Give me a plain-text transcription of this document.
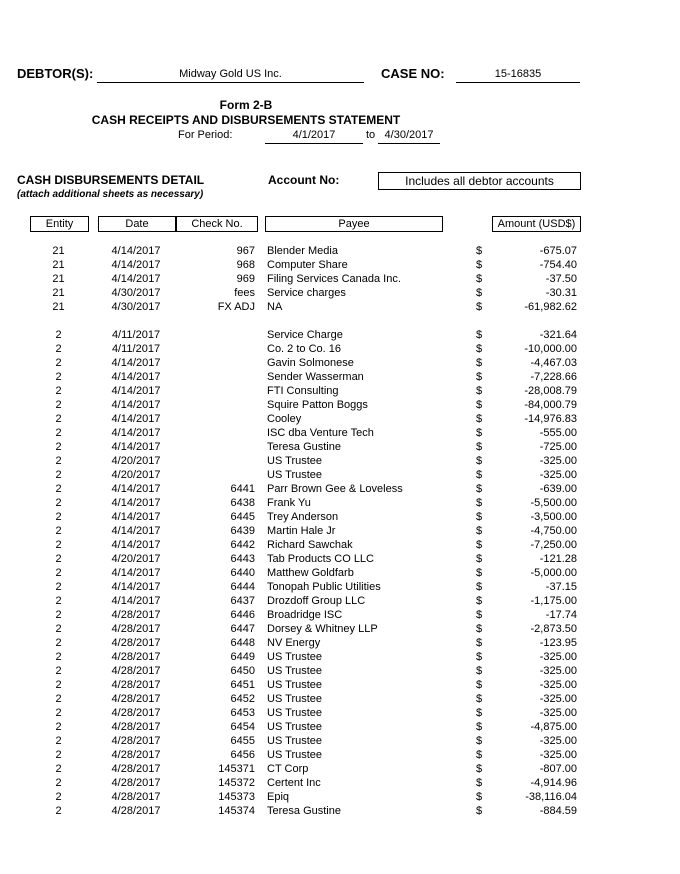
DEBTOR(S):	Midway Gold US Inc.	CASE NO:	15-16835
Form 2-B
CASH RECEIPTS AND DISBURSEMENTS STATEMENT
For Period:	4/1/2017	to 4/30/2017
CASH DISBURSEMENTS DETAIL
(attach additional sheets as necessary)
Account No:	Includes all debtor accounts
Entity	Date	Check No.	Payee	Amount (USD$)
21	4/14/2017	967 Blender Media	$	-675.07
21	4/14/2017	968 Computer Share	$	-754.40
21	4/14/2017	969 Filing Services Canada Inc.	$	-37.50
21	4/30/2017	fees Service charges	$	-30.31
21	4/30/2017	FX ADJ NA	$	-61,982.62
2	4/11/2017	Service Charge	$	-321.64
2	4/11/2017	Co. 2 to Co. 16	$	-10,000.00
2	4/14/2017	Gavin Solmonese	$	-4,467.03
2	4/14/2017	Sender Wasserman	$	-7,228.66
2	4/14/2017	FTI Consulting	$	-28,008.79
2	4/14/2017	Squire Patton Boggs	$	-84,000.79
2	4/14/2017	Cooley	$	-14,976.83
2	4/14/2017	ISC dba Venture Tech	$	-555.00
2	4/14/2017	Teresa Gustine	$	-725.00
2	4/20/2017	US Trustee	$	-325.00
2	4/20/2017	US Trustee	$	-325.00
2	4/14/2017	6441 Parr Brown Gee & Loveless	$	-639.00
2	4/14/2017	6438 Frank Yu	$	-5,500.00
2	4/14/2017	6445 Trey Anderson	$	-3,500.00
2	4/14/2017	6439 Martin Hale Jr	$	-4,750.00
2	4/14/2017	6442 Richard Sawchak	$	-7,250.00
2	4/20/2017	6443 Tab Products CO LLC	$	-121.28
2	4/14/2017	6440 Matthew Goldfarb	$	-5,000.00
2	4/14/2017	6444 Tonopah Public Utilities	$	-37.15
2	4/14/2017	6437 Drozdoff Group LLC	$	-1,175.00
2	4/28/2017	6446 Broadridge ISC	$	-17.74
2	4/28/2017	6447 Dorsey & Whitney LLP	$	-2,873.50
2	4/28/2017	6448 NV Energy	$	-123.95
2	4/28/2017	6449 US Trustee	$	-325.00
2	4/28/2017	6450 US Trustee	$	-325.00
2	4/28/2017	6451 US Trustee	$	-325.00
2	4/28/2017	6452 US Trustee	$	-325.00
2	4/28/2017	6453 US Trustee	$	-325.00
2	4/28/2017	6454 US Trustee	$	-4,875.00
2	4/28/2017	6455 US Trustee	$	-325.00
2	4/28/2017	6456 US Trustee	$	-325.00
2	4/28/2017	145371 CT Corp	$	-807.00
2	4/28/2017	145372 Certent Inc	$	-4,914.96
2	4/28/2017	145373 Epiq	$	-38,116.04
2	4/28/2017	145374 Teresa Gustine	$	-884.59
